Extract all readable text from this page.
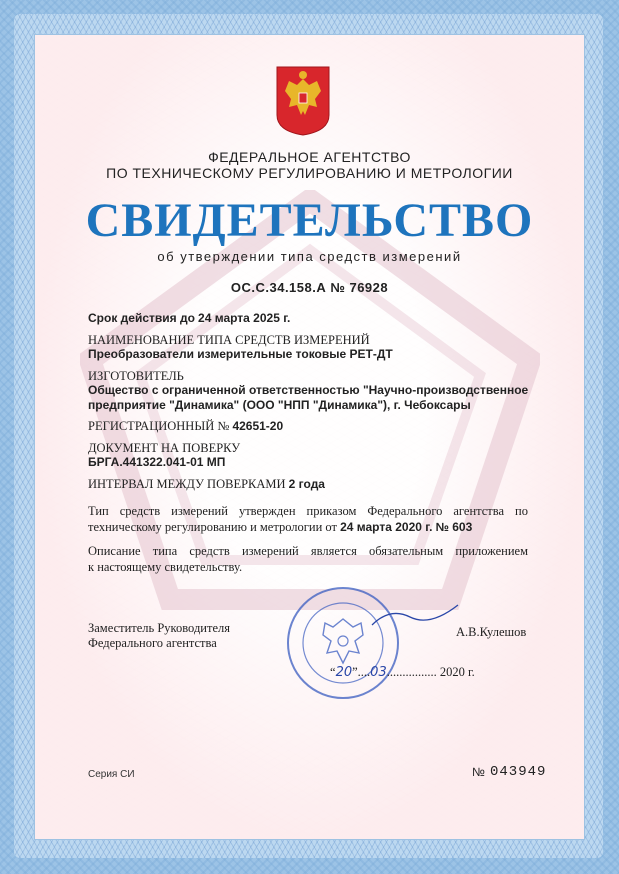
ФЕДЕРАЛЬНОЕ АГЕНТСТВО
ПО ТЕХНИЧЕСКОМУ РЕГУЛИРОВАНИЮ И МЕТРОЛОГИИ
СВИДЕТЕЛЬСТВО
об утверждении типа средств измерений
ОС.С.34.158.А № 76928
Срок действия до 24 марта 2025 г.
НАИМЕНОВАНИЕ ТИПА СРЕДСТВ ИЗМЕРЕНИЙ
Преобразователи измерительные токовые РЕТ-ДТ
ИЗГОТОВИТЕЛЬ
Общество с ограниченной ответственностью "Научно-производственное
предприятие "Динамика" (ООО "НПП "Динамика"), г. Чебоксары
РЕГИСТРАЦИОННЫЙ № 42651-20
ДОКУМЕНТ НА ПОВЕРКУ
БРГА.441322.041-01 МП
ИНТЕРВАЛ МЕЖДУ ПОВЕРКАМИ 2 года
Тип средств измерений утвержден приказом Федерального агентства по
техническому регулированию и метрологии от 24 марта 2020 г. № 603
Описание типа средств измерений является обязательным приложением
к настоящему свидетельству.
Заместитель Руководителя
Федерального агентства
А.В.Кулешов
“20”....03................ 2020 г.
Серия СИ	№ 043949
